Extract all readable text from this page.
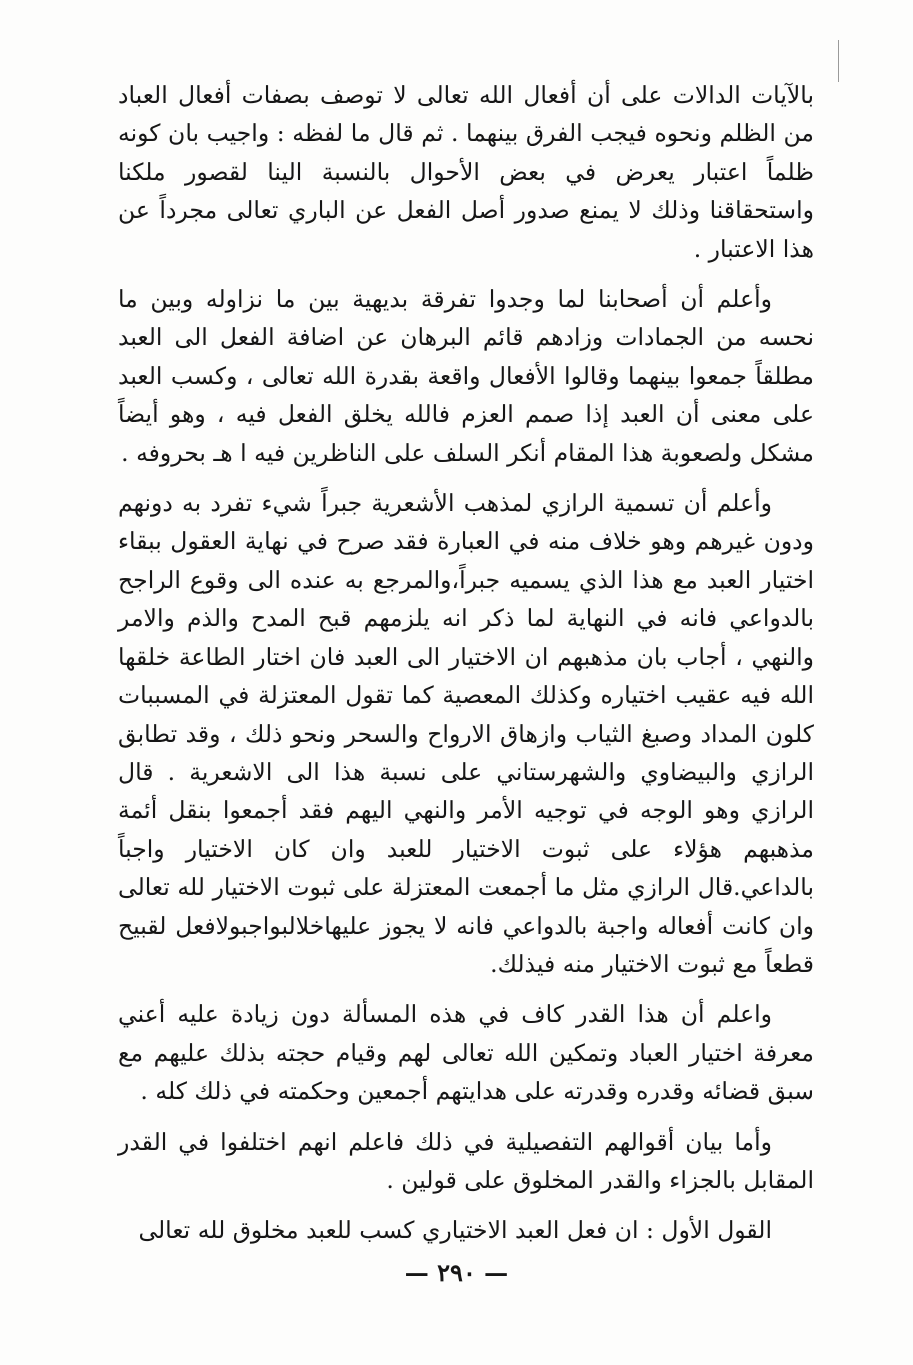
بالآيات الدالات على أن أفعال الله تعالى لا توصف بصفات أفعال العباد من الظلم ونحوه فيجب الفرق بينهما . ثم قال ما لفظه : واجيب بان كونه ظلماً اعتبار يعرض في بعض الأحوال بالنسبة الينا لقصور ملكنا واستحقاقنا وذلك لا يمنع صدور أصل الفعل عن الباري تعالى مجرداً عن هذا الاعتبار .

وأعلم أن أصحابنا لما وجدوا تفرقة بديهية بين ما نزاوله وبين ما نحسه من الجمادات وزادهم قائم البرهان عن اضافة الفعل الى العبد مطلقاً جمعوا بينهما وقالوا الأفعال واقعة بقدرة الله تعالى ، وكسب العبد على معنى أن العبد إذا صمم العزم فالله يخلق الفعل فيه ، وهو أيضاً مشكل ولصعوبة هذا المقام أنكر السلف على الناظرين فيه ا هـ بحروفه .

وأعلم أن تسمية الرازي لمذهب الأشعرية جبراً شيء تفرد به دونهم ودون غيرهم وهو خلاف منه في العبارة فقد صرح في نهاية العقول ببقاء اختيار العبد مع هذا الذي يسميه جبراً،والمرجع به عنده الى وقوع الراجح بالدواعي فانه في النهاية لما ذكر انه يلزمهم قبح المدح والذم والامر والنهي ، أجاب بان مذهبهم ان الاختيار الى العبد فان اختار الطاعة خلقها الله فيه عقيب اختياره وكذلك المعصية كما تقول المعتزلة في المسببات كلون المداد وصبغ الثياب وازهاق الارواح والسحر ونحو ذلك ، وقد تطابق الرازي والبيضاوي والشهرستاني على نسبة هذا الى الاشعرية . قال الرازي وهو الوجه في توجيه الأمر والنهي اليهم فقد أجمعوا بنقل أئمة مذهبهم هؤلاء على ثبوت الاختيار للعبد وان كان الاختيار واجباً بالداعي.قال الرازي مثل ما أجمعت المعتزلة على ثبوت الاختيار لله تعالى وان كانت أفعاله واجبة بالدواعي فانه لا يجوز عليهاخلالبواجبولافعل لقبيح قطعاً مع ثبوت الاختيار منه فيذلك.

واعلم أن هذا القدر كاف في هذه المسألة دون زيادة عليه أعني معرفة اختيار العباد وتمكين الله تعالى لهم وقيام حجته بذلك عليهم مع سبق قضائه وقدره وقدرته على هدايتهم أجمعين وحكمته في ذلك كله .

وأما بيان أقوالهم التفصيلية في ذلك فاعلم انهم اختلفوا في القدر المقابل بالجزاء والقدر المخلوق على قولين .

القول الأول : ان فعل العبد الاختياري كسب للعبد مخلوق لله تعالى

— ٢٩٠ —
